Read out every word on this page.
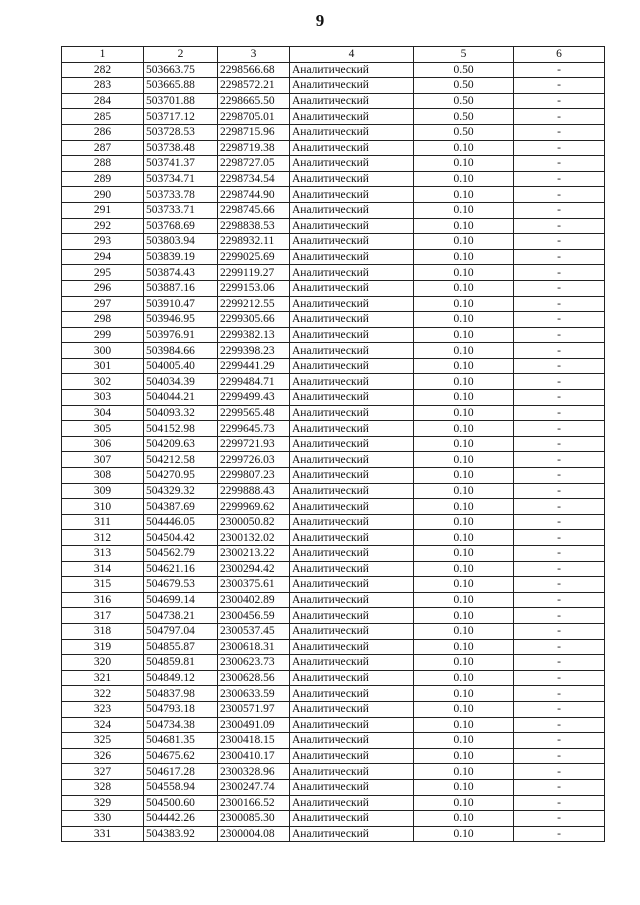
9
1	2	3	4	5	6
282	503663.75	2298566.68	Аналитический	0.50	-
283	503665.88	2298572.21	Аналитический	0.50	-
284	503701.88	2298665.50	Аналитический	0.50	-
285	503717.12	2298705.01	Аналитический	0.50	-
286	503728.53	2298715.96	Аналитический	0.50	-
287	503738.48	2298719.38	Аналитический	0.10	-
288	503741.37	2298727.05	Аналитический	0.10	-
289	503734.71	2298734.54	Аналитический	0.10	-
290	503733.78	2298744.90	Аналитический	0.10	-
291	503733.71	2298745.66	Аналитический	0.10	-
292	503768.69	2298838.53	Аналитический	0.10	-
293	503803.94	2298932.11	Аналитический	0.10	-
294	503839.19	2299025.69	Аналитический	0.10	-
295	503874.43	2299119.27	Аналитический	0.10	-
296	503887.16	2299153.06	Аналитический	0.10	-
297	503910.47	2299212.55	Аналитический	0.10	-
298	503946.95	2299305.66	Аналитический	0.10	-
299	503976.91	2299382.13	Аналитический	0.10	-
300	503984.66	2299398.23	Аналитический	0.10	-
301	504005.40	2299441.29	Аналитический	0.10	-
302	504034.39	2299484.71	Аналитический	0.10	-
303	504044.21	2299499.43	Аналитический	0.10	-
304	504093.32	2299565.48	Аналитический	0.10	-
305	504152.98	2299645.73	Аналитический	0.10	-
306	504209.63	2299721.93	Аналитический	0.10	-
307	504212.58	2299726.03	Аналитический	0.10	-
308	504270.95	2299807.23	Аналитический	0.10	-
309	504329.32	2299888.43	Аналитический	0.10	-
310	504387.69	2299969.62	Аналитический	0.10	-
311	504446.05	2300050.82	Аналитический	0.10	-
312	504504.42	2300132.02	Аналитический	0.10	-
313	504562.79	2300213.22	Аналитический	0.10	-
314	504621.16	2300294.42	Аналитический	0.10	-
315	504679.53	2300375.61	Аналитический	0.10	-
316	504699.14	2300402.89	Аналитический	0.10	-
317	504738.21	2300456.59	Аналитический	0.10	-
318	504797.04	2300537.45	Аналитический	0.10	-
319	504855.87	2300618.31	Аналитический	0.10	-
320	504859.81	2300623.73	Аналитический	0.10	-
321	504849.12	2300628.56	Аналитический	0.10	-
322	504837.98	2300633.59	Аналитический	0.10	-
323	504793.18	2300571.97	Аналитический	0.10	-
324	504734.38	2300491.09	Аналитический	0.10	-
325	504681.35	2300418.15	Аналитический	0.10	-
326	504675.62	2300410.17	Аналитический	0.10	-
327	504617.28	2300328.96	Аналитический	0.10	-
328	504558.94	2300247.74	Аналитический	0.10	-
329	504500.60	2300166.52	Аналитический	0.10	-
330	504442.26	2300085.30	Аналитический	0.10	-
331	504383.92	2300004.08	Аналитический	0.10	-
